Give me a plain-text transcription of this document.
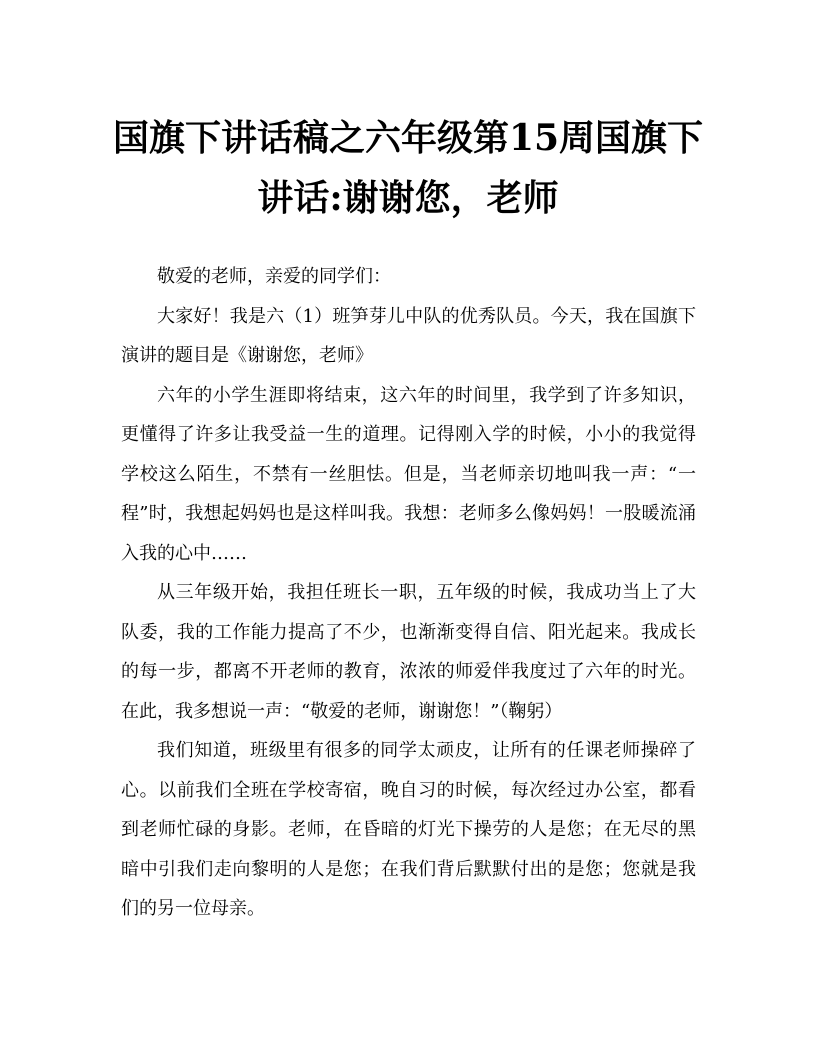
国旗下讲话稿之六年级第15周国旗下
讲话:谢谢您，老师

敬爱的老师，亲爱的同学们：

大家好！我是六（1）班笋芽儿中队的优秀队员。今天，我在国旗下演讲的题目是《谢谢您，老师》

六年的小学生涯即将结束，这六年的时间里，我学到了许多知识，更懂得了许多让我受益一生的道理。记得刚入学的时候，小小的我觉得学校这么陌生，不禁有一丝胆怯。但是，当老师亲切地叫我一声：“一程”时，我想起妈妈也是这样叫我。我想：老师多么像妈妈！一股暖流涌入我的心中……

从三年级开始，我担任班长一职，五年级的时候，我成功当上了大队委，我的工作能力提高了不少，也渐渐变得自信、阳光起来。我成长的每一步，都离不开老师的教育，浓浓的师爱伴我度过了六年的时光。在此，我多想说一声：“敬爱的老师，谢谢您！”（鞠躬）

我们知道，班级里有很多的同学太顽皮，让所有的任课老师操碎了心。以前我们全班在学校寄宿，晚自习的时候，每次经过办公室，都看到老师忙碌的身影。老师，在昏暗的灯光下操劳的人是您；在无尽的黑暗中引我们走向黎明的人是您；在我们背后默默付出的是您；您就是我们的另一位母亲。
